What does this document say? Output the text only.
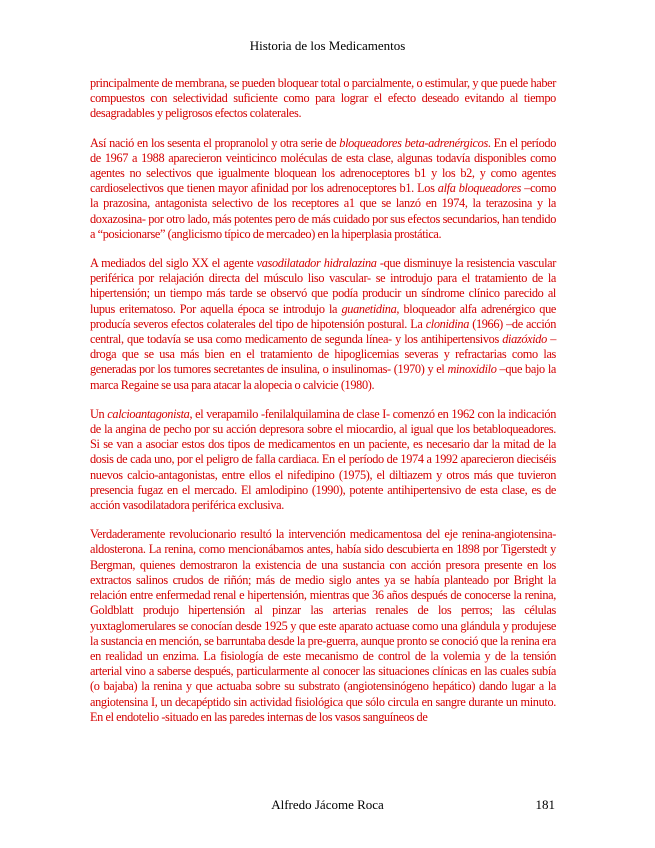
Historia de los Medicamentos

principalmente de membrana, se pueden bloquear total o parcialmente, o estimular, y que puede haber compuestos con selectividad suficiente como para lograr el efecto deseado evitando al tiempo desagradables y peligrosos efectos colaterales.

Así nació en los sesenta el propranolol y otra serie de bloqueadores beta-adrenérgicos. En el período de 1967 a 1988 aparecieron veinticinco moléculas de esta clase, algunas todavía disponibles como agentes no selectivos que igualmente bloquean los adrenoceptores b1 y los b2, y como agentes cardioselectivos que tienen mayor afinidad por los adrenoceptores b1. Los alfa bloqueadores –como la prazosina, antagonista selectivo de los receptores a1 que se lanzó en 1974, la terazosina y la doxazosina- por otro lado, más potentes pero de más cuidado por sus efectos secundarios, han tendido a “posicionarse” (anglicismo típico de mercadeo) en la hiperplasia prostática.

A mediados del siglo XX el agente vasodilatador hidralazina -que disminuye la resistencia vascular periférica por relajación directa del músculo liso vascular- se introdujo para el tratamiento de la hipertensión; un tiempo más tarde se observó que podía producir un síndrome clínico parecido al lupus eritematoso. Por aquella época se introdujo la guanetidina, bloqueador alfa adrenérgico que producía severos efectos colaterales del tipo de hipotensión postural. La clonidina (1966) –de acción central, que todavía se usa como medicamento de segunda línea- y los antihipertensivos diazóxido –droga que se usa más bien en el tratamiento de hipoglicemias severas y refractarias como las generadas por los tumores secretantes de insulina, o insulinomas- (1970) y el minoxidilo –que bajo la marca Regaine se usa para atacar la alopecia o calvicie (1980).

Un calcioantagonista, el verapamilo -fenilalquilamina de clase I- comenzó en 1962 con la indicación de la angina de pecho por su acción depresora sobre el miocardio, al igual que los betabloqueadores. Si se van a asociar estos dos tipos de medicamentos en un paciente, es necesario dar la mitad de la dosis de cada uno, por el peligro de falla cardiaca. En el período de 1974 a 1992 aparecieron dieciséis nuevos calcio-antagonistas, entre ellos el nifedipino (1975), el diltiazem y otros más que tuvieron presencia fugaz en el mercado. El amlodipino (1990), potente antihipertensivo de esta clase, es de acción vasodilatadora periférica exclusiva.

Verdaderamente revolucionario resultó la intervención medicamentosa del eje renina-angiotensina-aldosterona. La renina, como mencionábamos antes, había sido descubierta en 1898 por Tigerstedt y Bergman, quienes demostraron la existencia de una sustancia con acción presora presente en los extractos salinos crudos de riñón; más de medio siglo antes ya se había planteado por Bright la relación entre enfermedad renal e hipertensión, mientras que 36 años después de conocerse la renina, Goldblatt produjo hipertensión al pinzar las arterias renales de los perros; las células yuxtaglomerulares se conocían desde 1925 y que este aparato actuase como una glándula y produjese la sustancia en mención, se barruntaba desde la pre-guerra, aunque pronto se conoció que la renina era en realidad un enzima. La fisiología de este mecanismo de control de la volemia y de la tensión arterial vino a saberse después, particularmente al conocer las situaciones clínicas en las cuales subía (o bajaba) la renina y que actuaba sobre su substrato (angiotensinógeno hepático) dando lugar a la angiotensina I, un decapéptido sin actividad fisiológica que sólo circula en sangre durante un minuto. En el endotelio -situado en las paredes internas de los vasos sanguíneos de

Alfredo Jácome Roca	181
